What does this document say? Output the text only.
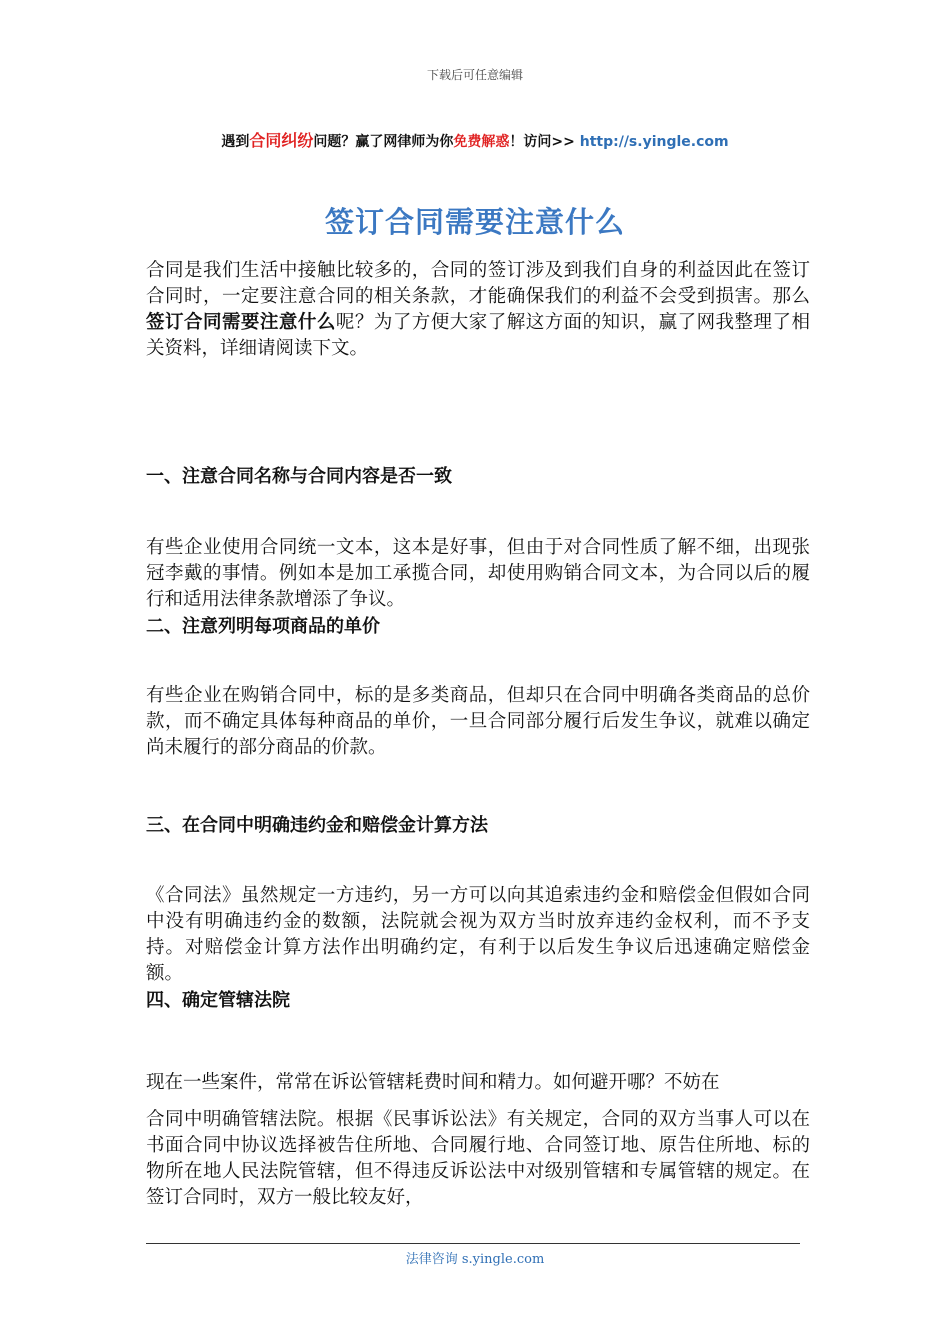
下载后可任意编辑
遇到合同纠纷问题？赢了网律师为你免费解惑！访问>> http://s.yingle.com
签订合同需要注意什么
合同是我们生活中接触比较多的，合同的签订涉及到我们自身的利益因此在签订合同时，一定要注意合同的相关条款，才能确保我们的利益不会受到损害。那么签订合同需要注意什么呢？为了方便大家了解这方面的知识，赢了网我整理了相关资料，详细请阅读下文。
一、注意合同名称与合同内容是否一致
有些企业使用合同统一文本，这本是好事，但由于对合同性质了解不细，出现张冠李戴的事情。例如本是加工承揽合同，却使用购销合同文本，为合同以后的履行和适用法律条款增添了争议。
二、注意列明每项商品的单价
有些企业在购销合同中，标的是多类商品，但却只在合同中明确各类商品的总价款，而不确定具体每种商品的单价，一旦合同部分履行后发生争议，就难以确定尚未履行的部分商品的价款。
三、在合同中明确违约金和赔偿金计算方法
《合同法》虽然规定一方违约，另一方可以向其追索违约金和赔偿金但假如合同中没有明确违约金的数额，法院就会视为双方当时放弃违约金权利，而不予支持。对赔偿金计算方法作出明确约定，有利于以后发生争议后迅速确定赔偿金额。
四、确定管辖法院
现在一些案件，常常在诉讼管辖耗费时间和精力。如何避开哪？不妨在
合同中明确管辖法院。根据《民事诉讼法》有关规定，合同的双方当事人可以在书面合同中协议选择被告住所地、合同履行地、合同签订地、原告住所地、标的物所在地人民法院管辖，但不得违反诉讼法中对级别管辖和专属管辖的规定。在签订合同时，双方一般比较友好，
法律咨询 s.yingle.com
